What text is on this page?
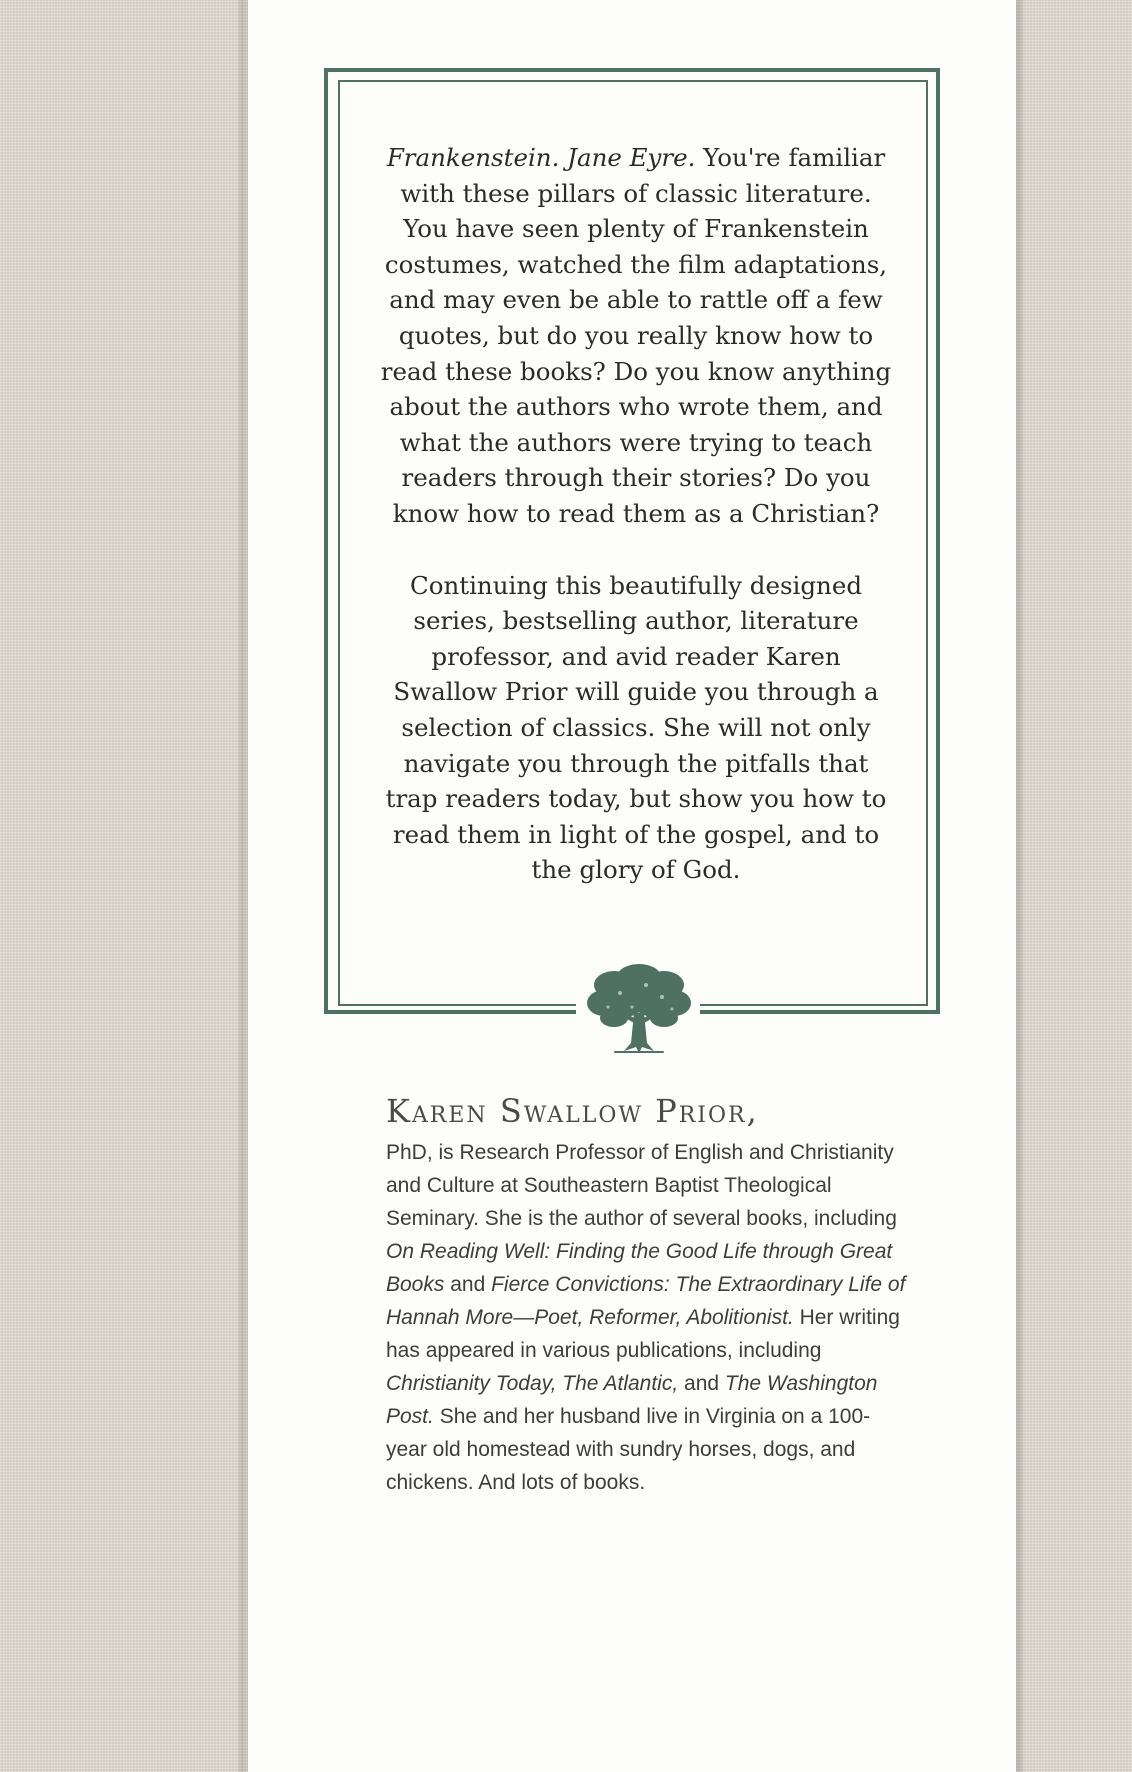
Frankenstein. Jane Eyre. You're familiar with these pillars of classic literature. You have seen plenty of Frankenstein costumes, watched the film adaptations, and may even be able to rattle off a few quotes, but do you really know how to read these books? Do you know anything about the authors who wrote them, and what the authors were trying to teach readers through their stories? Do you know how to read them as a Christian?

Continuing this beautifully designed series, bestselling author, literature professor, and avid reader Karen Swallow Prior will guide you through a selection of classics. She will not only navigate you through the pitfalls that trap readers today, but show you how to read them in light of the gospel, and to the glory of God.

Karen Swallow Prior,

PhD, is Research Professor of English and Christianity and Culture at Southeastern Baptist Theological Seminary. She is the author of several books, including On Reading Well: Finding the Good Life through Great Books and Fierce Convictions: The Extraordinary Life of Hannah More—Poet, Reformer, Abolitionist. Her writing has appeared in various publications, including Christianity Today, The Atlantic, and The Washington Post. She and her husband live in Virginia on a 100-year old homestead with sundry horses, dogs, and chickens. And lots of books.
